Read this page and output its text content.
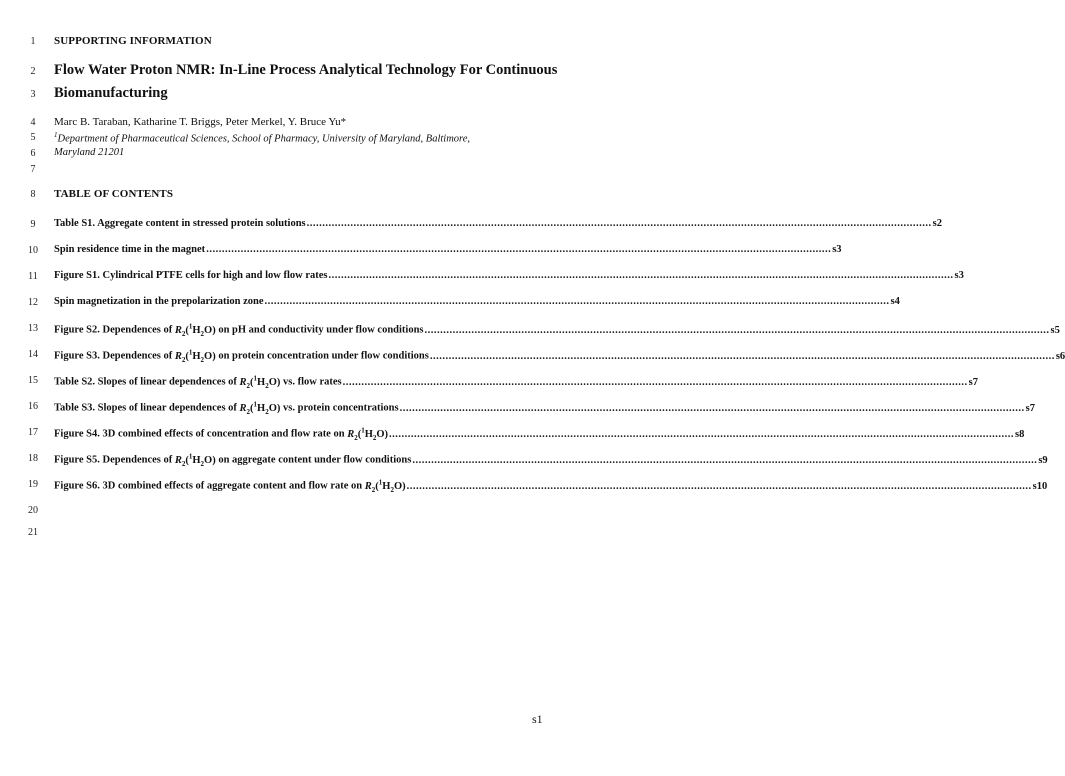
1
2
3
4
5
6
7
8
9
10
11
12
13
14
15
16
17
18
19
20
21
SUPPORTING INFORMATION
Flow Water Proton NMR: In-Line Process Analytical Technology For Continuous
Biomanufacturing
Marc B. Taraban, Katharine T. Briggs, Peter Merkel, Y. Bruce Yu*
$^1$Department of Pharmaceutical Sciences, School of Pharmacy, University of Maryland, Baltimore,
Maryland 21201
TABLE OF CONTENTS
Table S1. Aggregate content in stressed protein solutions ........................................................................................................................................................................................................ s2
Spin residence time in the magnet ........................................................................................................................................................................................................ s3
Figure S1. Cylindrical PTFE cells for high and low flow rates ........................................................................................................................................................................................................ s3
Spin magnetization in the prepolarization zone ........................................................................................................................................................................................................ s4
Figure S2. Dependences of $R_2(^1H_2O)$ on pH and conductivity under flow conditions ........................................................................................................................................................................................................ s5
Figure S3. Dependences of $R_2(^1H_2O)$ on protein concentration under flow conditions ........................................................................................................................................................................................................ s6
Table S2. Slopes of linear dependences of $R_2(^1H_2O)$ vs. flow rates ........................................................................................................................................................................................................ s7
Table S3. Slopes of linear dependences of $R_2(^1H_2O)$ vs. protein concentrations ........................................................................................................................................................................................................ s7
Figure S4. 3D combined effects of concentration and flow rate on $R_2(^1H_2O)$ ........................................................................................................................................................................................................ s8
Figure S5. Dependences of $R_2(^1H_2O)$ on aggregate content under flow conditions ........................................................................................................................................................................................................ s9
Figure S6. 3D combined effects of aggregate content and flow rate on $R_2(^1H_2O)$ ........................................................................................................................................................................................................ s10
s1
